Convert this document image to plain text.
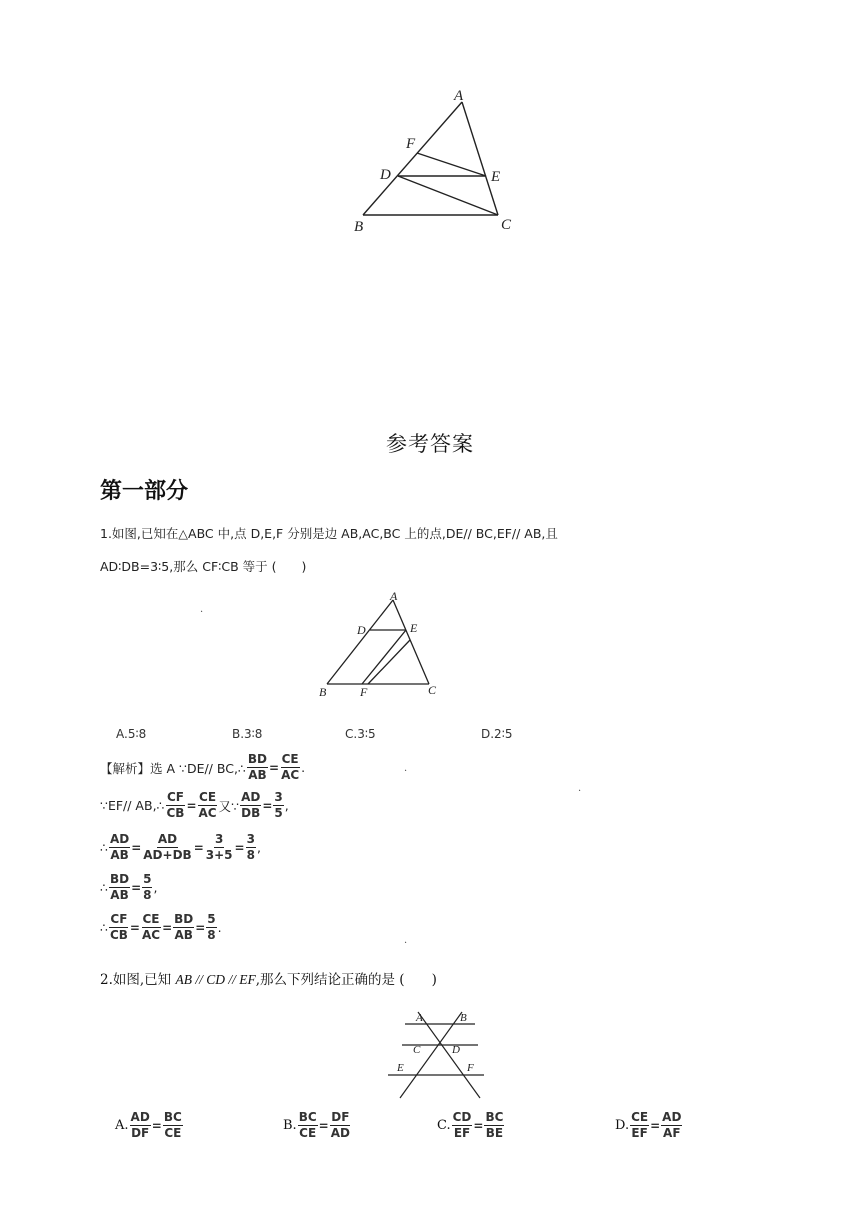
A
F
D	E
B	C
参考答案
第一部分
1.如图,已知在△ABC 中,点 D,E,F 分别是边 AB,AC,BC 上的点,DE// BC,EF// AB,且
AD∶DB=3∶5,那么 CF∶CB 等于 (　　)
·
A
D	E
B	F	C
A.5∶8	B.3∶8	C.3∶5	D.2∶5
【解析】选 A ∵DE// BC,∴ $\frac{BD}{AB} = \frac{CE}{AC}$ .	·
∵EF// AB,∴ $\frac{CF}{CB} = \frac{CE}{AC}$ 又∵ $\frac{AD}{DB} = \frac{3}{5}$ ,
·
∴ $\frac{AD}{AB} = \frac{AD}{AD+DB} = \frac{3}{3+5} = \frac{3}{8}$ ,
∴ $\frac{BD}{AB} = \frac{5}{8}$ ,
∴ $\frac{CF}{CB} = \frac{CE}{AC} = \frac{BD}{AB} = \frac{5}{8}$ .
·
2.如图,已知 AB // CD // EF,那么下列结论正确的是 (　　)
A	B
C	D
E	F
A. $\frac{AD}{DF} = \frac{BC}{CE}$	B. $\frac{BC}{CE} = \frac{DF}{AD}$	C. $\frac{CD}{EF} = \frac{BC}{BE}$	D. $\frac{CE}{EF} = \frac{AD}{AF}$
